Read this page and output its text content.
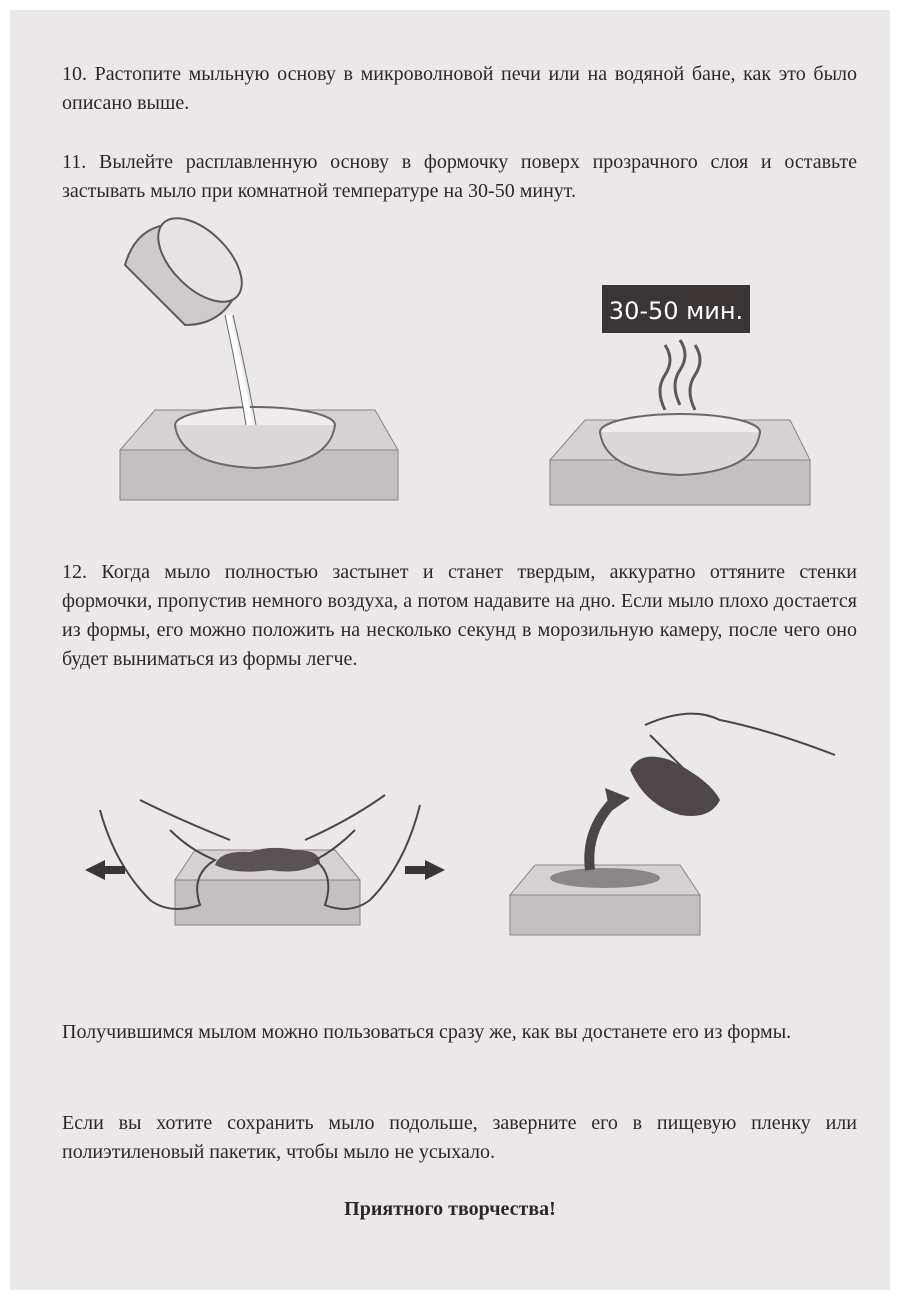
10. Растопите мыльную основу в микроволновой печи или на водяной бане, как это было описано выше.

11. Вылейте расплавленную основу в формочку поверх прозрачного слоя и оставьте застывать мыло при комнатной температуре на 30-50 минут.

30-50 мин.

12. Когда мыло полностью застынет и станет твердым, аккуратно оттяните стенки формочки, пропустив немного воздуха, а потом надавите на дно. Если мыло плохо достается из формы, его можно положить на несколько секунд в морозильную камеру, после чего оно будет выниматься из формы легче.

Получившимся мылом можно пользоваться сразу же, как вы достанете его из формы.

Если вы хотите сохранить мыло подольше, заверните его в пищевую пленку или полиэтиленовый пакетик, чтобы мыло не усыхало.

Приятного творчества!
